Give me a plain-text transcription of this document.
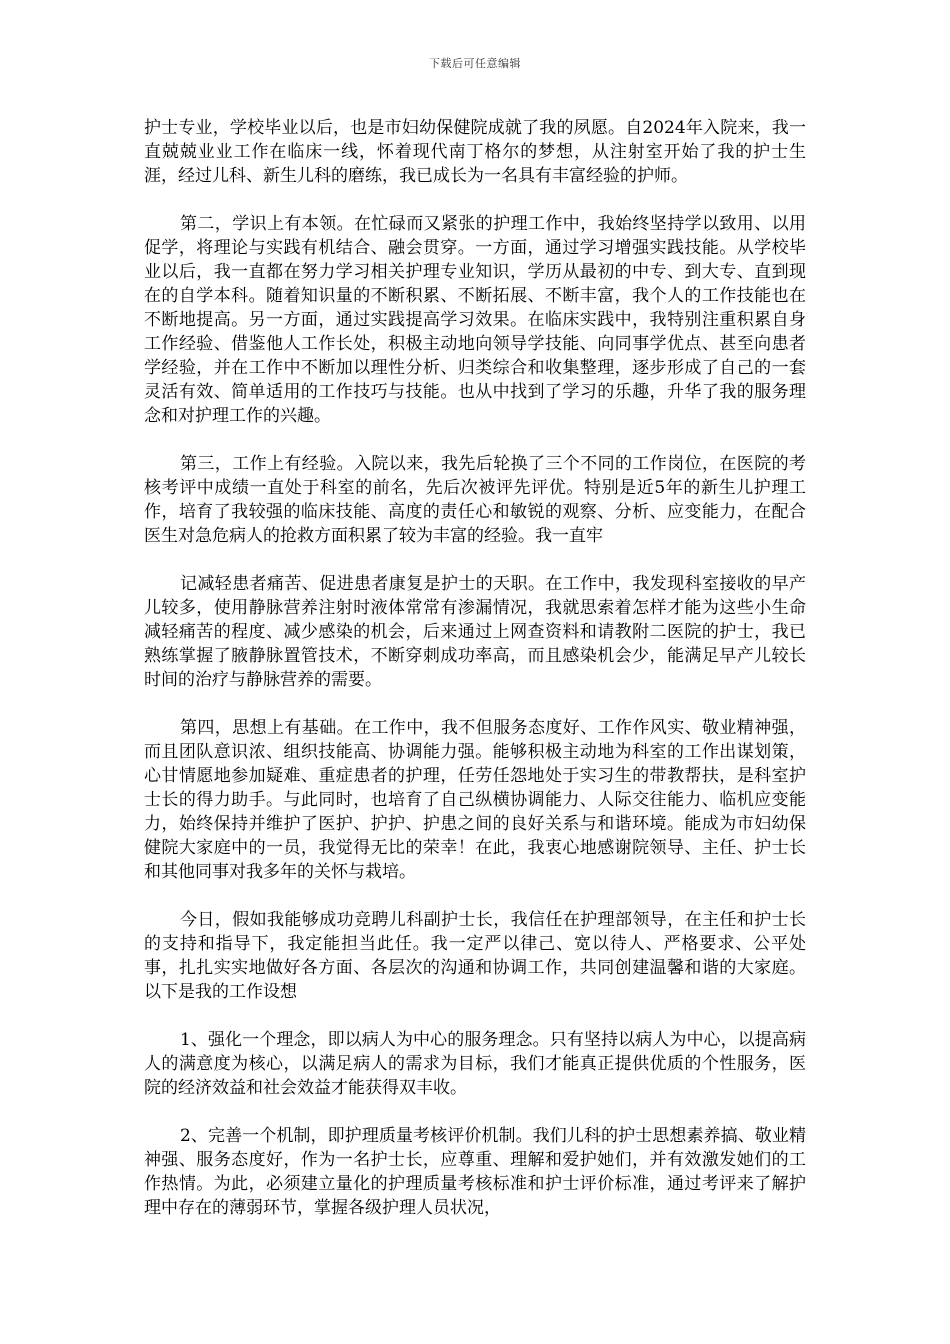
下载后可任意编辑

护士专业，学校毕业以后，也是市妇幼保健院成就了我的夙愿。自2024年入院来，我一直兢兢业业工作在临床一线，怀着现代南丁格尔的梦想，从注射室开始了我的护士生涯，经过儿科、新生儿科的磨练，我已成长为一名具有丰富经验的护师。

第二，学识上有本领。在忙碌而又紧张的护理工作中，我始终坚持学以致用、以用促学，将理论与实践有机结合、融会贯穿。一方面，通过学习增强实践技能。从学校毕业以后，我一直都在努力学习相关护理专业知识，学历从最初的中专、到大专、直到现在的自学本科。随着知识量的不断积累、不断拓展、不断丰富，我个人的工作技能也在不断地提高。另一方面，通过实践提高学习效果。在临床实践中，我特别注重积累自身工作经验、借鉴他人工作长处，积极主动地向领导学技能、向同事学优点、甚至向患者学经验，并在工作中不断加以理性分析、归类综合和收集整理，逐步形成了自己的一套灵活有效、简单适用的工作技巧与技能。也从中找到了学习的乐趣，升华了我的服务理念和对护理工作的兴趣。

第三，工作上有经验。入院以来，我先后轮换了三个不同的工作岗位，在医院的考核考评中成绩一直处于科室的前名，先后次被评先评优。特别是近5年的新生儿护理工作，培育了我较强的临床技能、高度的责任心和敏锐的观察、分析、应变能力，在配合医生对急危病人的抢救方面积累了较为丰富的经验。我一直牢

记减轻患者痛苦、促进患者康复是护士的天职。在工作中，我发现科室接收的早产儿较多，使用静脉营养注射时液体常常有渗漏情况，我就思索着怎样才能为这些小生命减轻痛苦的程度、减少感染的机会，后来通过上网查资料和请教附二医院的护士，我已熟练掌握了腋静脉置管技术，不断穿刺成功率高，而且感染机会少，能满足早产儿较长时间的治疗与静脉营养的需要。

第四，思想上有基础。在工作中，我不但服务态度好、工作作风实、敬业精神强，而且团队意识浓、组织技能高、协调能力强。能够积极主动地为科室的工作出谋划策，心甘情愿地参加疑难、重症患者的护理，任劳任怨地处于实习生的带教帮扶，是科室护士长的得力助手。与此同时，也培育了自己纵横协调能力、人际交往能力、临机应变能力，始终保持并维护了医护、护护、护患之间的良好关系与和谐环境。能成为市妇幼保健院大家庭中的一员，我觉得无比的荣幸！在此，我衷心地感谢院领导、主任、护士长和其他同事对我多年的关怀与栽培。

今日，假如我能够成功竞聘儿科副护士长，我信任在护理部领导，在主任和护士长的支持和指导下，我定能担当此任。我一定严以律己、宽以待人、严格要求、公平处事，扎扎实实地做好各方面、各层次的沟通和协调工作，共同创建温馨和谐的大家庭。以下是我的工作设想

1、强化一个理念，即以病人为中心的服务理念。只有坚持以病人为中心，以提高病人的满意度为核心，以满足病人的需求为目标，我们才能真正提供优质的个性服务，医院的经济效益和社会效益才能获得双丰收。

2、完善一个机制，即护理质量考核评价机制。我们儿科的护士思想素养搞、敬业精神强、服务态度好，作为一名护士长，应尊重、理解和爱护她们，并有效激发她们的工作热情。为此，必须建立量化的护理质量考核标准和护士评价标准，通过考评来了解护理中存在的薄弱环节，掌握各级护理人员状况，
